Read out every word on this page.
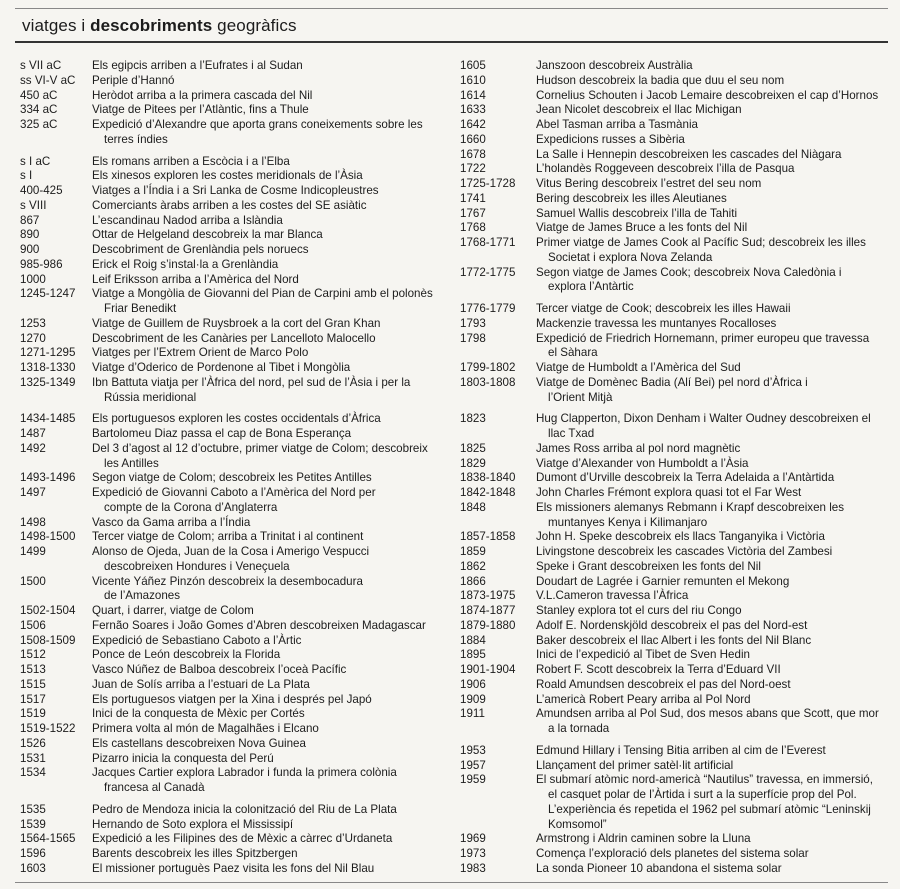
viatges i descobriments geogràfics
s VII aC	Els egipcis arriben a l’Eufrates i al Sudan
ss VI-V aC	Periple d’Hannó
450 aC	Heròdot arriba a la primera cascada del Nil
334 aC	Viatge de Pitees per l’Atlàntic, fins a Thule
325 aC	Expedició d’Alexandre que aporta grans coneixements sobre les
terres índies
s I aC	Els romans arriben a Escòcia i a l’Elba
s I	Els xinesos exploren les costes meridionals de l’Àsia
400-425	Viatges a l’Índia i a Sri Lanka de Cosme Indicopleustres
s VIII	Comerciants àrabs arriben a les costes del SE asiàtic
867	L’escandinau Nadod arriba a Islàndia
890	Ottar de Helgeland descobreix la mar Blanca
900	Descobriment de Grenlàndia pels noruecs
985-986	Erick el Roig s’instal·la a Grenlàndia
1000	Leif Eriksson arriba a l’Amèrica del Nord
1245-1247	Viatge a Mongòlia de Giovanni del Pian de Carpini amb el polonès
Friar Benedikt
1253	Viatge de Guillem de Ruysbroek a la cort del Gran Khan
1270	Descobriment de les Canàries per Lancelloto Malocello
1271-1295	Viatges per l’Extrem Orient de Marco Polo
1318-1330	Viatge d’Oderico de Pordenone al Tibet i Mongòlia
1325-1349	Ibn Battuta viatja per l’Àfrica del nord, pel sud de l’Àsia i per la
Rússia meridional
1434-1485	Els portuguesos exploren les costes occidentals d’Àfrica
1487	Bartolomeu Diaz passa el cap de Bona Esperança
1492	Del 3 d’agost al 12 d’octubre, primer viatge de Colom; descobreix
les Antilles
1493-1496	Segon viatge de Colom; descobreix les Petites Antilles
1497	Expedició de Giovanni Caboto a l’Amèrica del Nord per
compte de la Corona d’Anglaterra
1498	Vasco da Gama arriba a l’Índia
1498-1500	Tercer viatge de Colom; arriba a Trinitat i al continent
1499	Alonso de Ojeda, Juan de la Cosa i Amerigo Vespucci
descobreixen Hondures i Veneçuela
1500	Vicente Yáñez Pinzón descobreix la desembocadura
de l’Amazones
1502-1504	Quart, i darrer, viatge de Colom
1506	Fernão Soares i João Gomes d’Abren descobreixen Madagascar
1508-1509	Expedició de Sebastiano Caboto a l’Àrtic
1512	Ponce de León descobreix la Florida
1513	Vasco Núñez de Balboa descobreix l’oceà Pacífic
1515	Juan de Solís arriba a l’estuari de La Plata
1517	Els portuguesos viatgen per la Xina i després pel Japó
1519	Inici de la conquesta de Mèxic per Cortés
1519-1522	Primera volta al món de Magalhães i Elcano
1526	Els castellans descobreixen Nova Guinea
1531	Pizarro inicia la conquesta del Perú
1534	Jacques Cartier explora Labrador i funda la primera colònia
francesa al Canadà
1535	Pedro de Mendoza inicia la colonització del Riu de La Plata
1539	Hernando de Soto explora el Mississipí
1564-1565	Expedició a les Filipines des de Mèxic a càrrec d’Urdaneta
1596	Barents descobreix les illes Spitzbergen
1603	El missioner portuguès Paez visita les fons del Nil Blau
1605	Janszoon descobreix Austràlia
1610	Hudson descobreix la badia que duu el seu nom
1614	Cornelius Schouten i Jacob Lemaire descobreixen el cap d’Hornos
1633	Jean Nicolet descobreix el llac Michigan
1642	Abel Tasman arriba a Tasmània
1660	Expedicions russes a Sibèria
1678	La Salle i Hennepin descobreixen les cascades del Niàgara
1722	L’holandès Roggeveen descobreix l’illa de Pasqua
1725-1728	Vitus Bering descobreix l’estret del seu nom
1741	Bering descobreix les illes Aleutianes
1767	Samuel Wallis descobreix l’illa de Tahiti
1768	Viatge de James Bruce a les fonts del Nil
1768-1771	Primer viatge de James Cook al Pacífic Sud; descobreix les illes
Societat i explora Nova Zelanda
1772-1775	Segon viatge de James Cook; descobreix Nova Caledònia i
explora l’Antàrtic
1776-1779	Tercer viatge de Cook; descobreix les illes Hawaii
1793	Mackenzie travessa les muntanyes Rocalloses
1798	Expedició de Friedrich Hornemann, primer europeu que travessa
el Sàhara
1799-1802	Viatge de Humboldt a l’Amèrica del Sud
1803-1808	Viatge de Domènec Badia (Alí Bei) pel nord d’Àfrica i
l’Orient Mitjà
1823	Hug Clapperton, Dixon Denham i Walter Oudney descobreixen el
llac Txad
1825	James Ross arriba al pol nord magnètic
1829	Viatge d’Alexander von Humboldt a l’Àsia
1838-1840	Dumont d’Urville descobreix la Terra Adelaida a l’Antàrtida
1842-1848	John Charles Frémont explora quasi tot el Far West
1848	Els missioners alemanys Rebmann i Krapf descobreixen les
muntanyes Kenya i Kilimanjaro
1857-1858	John H. Speke descobreix els llacs Tanganyika i Victòria
1859	Livingstone descobreix les cascades Victòria del Zambesi
1862	Speke i Grant descobreixen les fonts del Nil
1866	Doudart de Lagrée i Garnier remunten el Mekong
1873-1975	V.L.Cameron travessa l’Àfrica
1874-1877	Stanley explora tot el curs del riu Congo
1879-1880	Adolf E. Nordenskjöld descobreix el pas del Nord-est
1884	Baker descobreix el llac Albert i les fonts del Nil Blanc
1895	Inici de l’expedició al Tibet de Sven Hedin
1901-1904	Robert F. Scott descobreix la Terra d’Eduard VII
1906	Roald Amundsen descobreix el pas del Nord-oest
1909	L’americà Robert Peary arriba al Pol Nord
1911	Amundsen arriba al Pol Sud, dos mesos abans que Scott, que mor
a la tornada
1953	Edmund Hillary i Tensing Bitia arriben al cim de l’Everest
1957	Llançament del primer satèl·lit artificial
1959	El submarí atòmic nord-americà “Nautilus” travessa, en immersió,
el casquet polar de l’Àrtida i surt a la superfície prop del Pol.
L’experiència és repetida el 1962 pel submarí atòmic “Leninskij
Komsomol”
1969	Armstrong i Aldrin caminen sobre la Lluna
1973	Comença l’exploració dels planetes del sistema solar
1983	La sonda Pioneer 10 abandona el sistema solar
